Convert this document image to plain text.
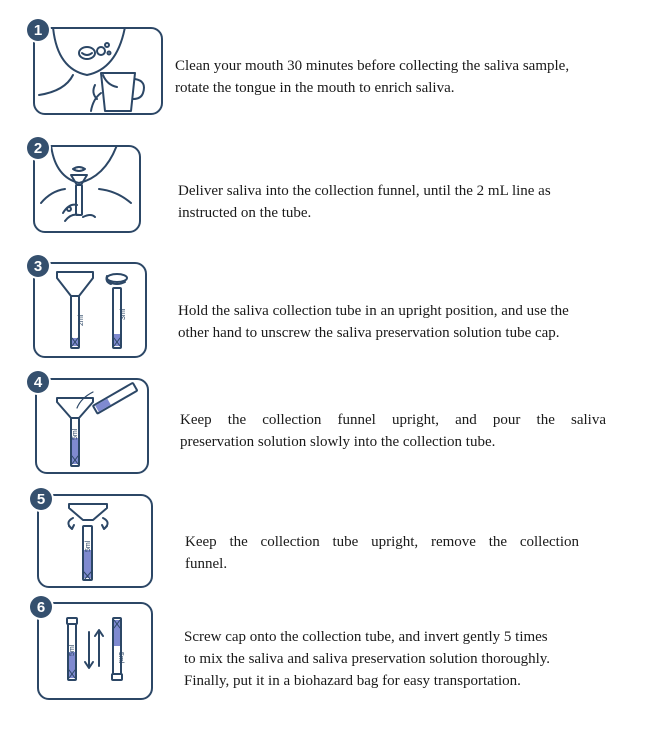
1

Clean your mouth 30 minutes before collecting the saliva sample,

rotate the tongue in the mouth to enrich saliva.

2

Deliver saliva into the collection funnel, until the 2 mL line as

instructed on the tube.

3
2ml
3ml	Hold the saliva collection tube in an upright position, and use the

other hand to unscrew the saliva preservation solution tube cap.

4
5ml

Keep the collection funnel upright, and pour the saliva

preservation solution slowly into the collection tube.

5
5ml	Keep the collection tube upright, remove the collection

funnel.

6
5ml
5ml

Screw cap onto the collection tube, and invert gently 5 times

to mix the saliva and saliva preservation solution thoroughly.

Finally, put it in a biohazard bag for easy transportation.
